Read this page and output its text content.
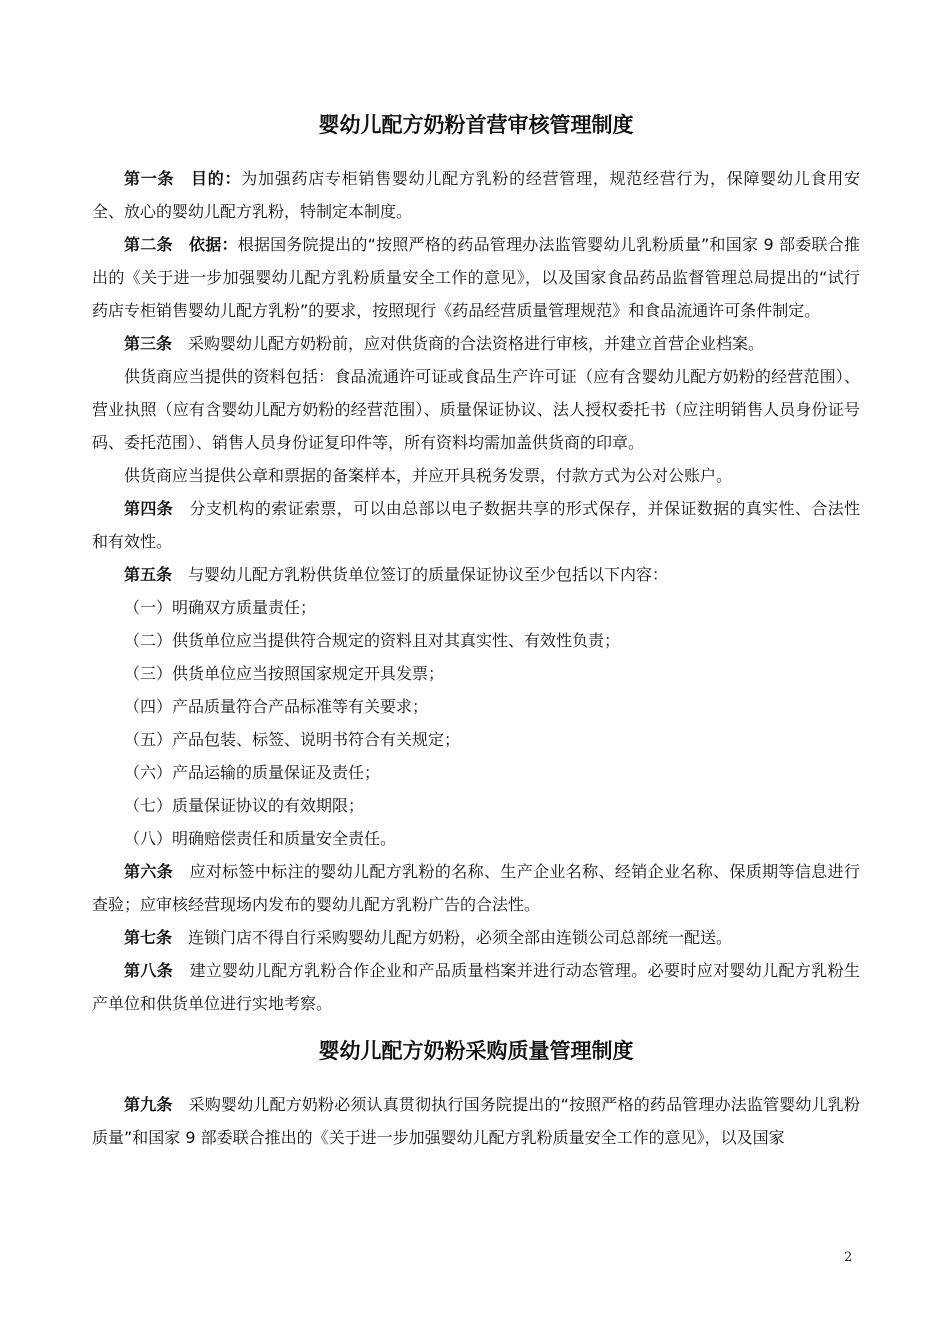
婴幼儿配方奶粉首营审核管理制度

第一条 目的：为加强药店专柜销售婴幼儿配方乳粉的经营管理，规范经营行为，保障婴幼儿食用安全、放心的婴幼儿配方乳粉，特制定本制度。

第二条 依据：根据国务院提出的“按照严格的药品管理办法监管婴幼儿乳粉质量”和国家 9 部委联合推出的《关于进一步加强婴幼儿配方乳粉质量安全工作的意见》，以及国家食品药品监督管理总局提出的“试行药店专柜销售婴幼儿配方乳粉”的要求，按照现行《药品经营质量管理规范》和食品流通许可条件制定。

第三条 采购婴幼儿配方奶粉前，应对供货商的合法资格进行审核，并建立首营企业档案。

供货商应当提供的资料包括：食品流通许可证或食品生产许可证（应有含婴幼儿配方奶粉的经营范围）、营业执照（应有含婴幼儿配方奶粉的经营范围）、质量保证协议、法人授权委托书（应注明销售人员身份证号码、委托范围）、销售人员身份证复印件等，所有资料均需加盖供货商的印章。

供货商应当提供公章和票据的备案样本，并应开具税务发票，付款方式为公对公账户。

第四条 分支机构的索证索票，可以由总部以电子数据共享的形式保存，并保证数据的真实性、合法性和有效性。

第五条 与婴幼儿配方乳粉供货单位签订的质量保证协议至少包括以下内容：

（一）明确双方质量责任；

（二）供货单位应当提供符合规定的资料且对其真实性、有效性负责；

（三）供货单位应当按照国家规定开具发票；

（四）产品质量符合产品标准等有关要求；

（五）产品包装、标签、说明书符合有关规定；

（六）产品运输的质量保证及责任；

（七）质量保证协议的有效期限；

（八）明确赔偿责任和质量安全责任。

第六条 应对标签中标注的婴幼儿配方乳粉的名称、生产企业名称、经销企业名称、保质期等信息进行查验；应审核经营现场内发布的婴幼儿配方乳粉广告的合法性。

第七条 连锁门店不得自行采购婴幼儿配方奶粉，必须全部由连锁公司总部统一配送。

第八条 建立婴幼儿配方乳粉合作企业和产品质量档案并进行动态管理。必要时应对婴幼儿配方乳粉生产单位和供货单位进行实地考察。

婴幼儿配方奶粉采购质量管理制度

第九条 采购婴幼儿配方奶粉必须认真贯彻执行国务院提出的“按照严格的药品管理办法监管婴幼儿乳粉质量”和国家 9 部委联合推出的《关于进一步加强婴幼儿配方乳粉质量安全工作的意见》，以及国家

2
